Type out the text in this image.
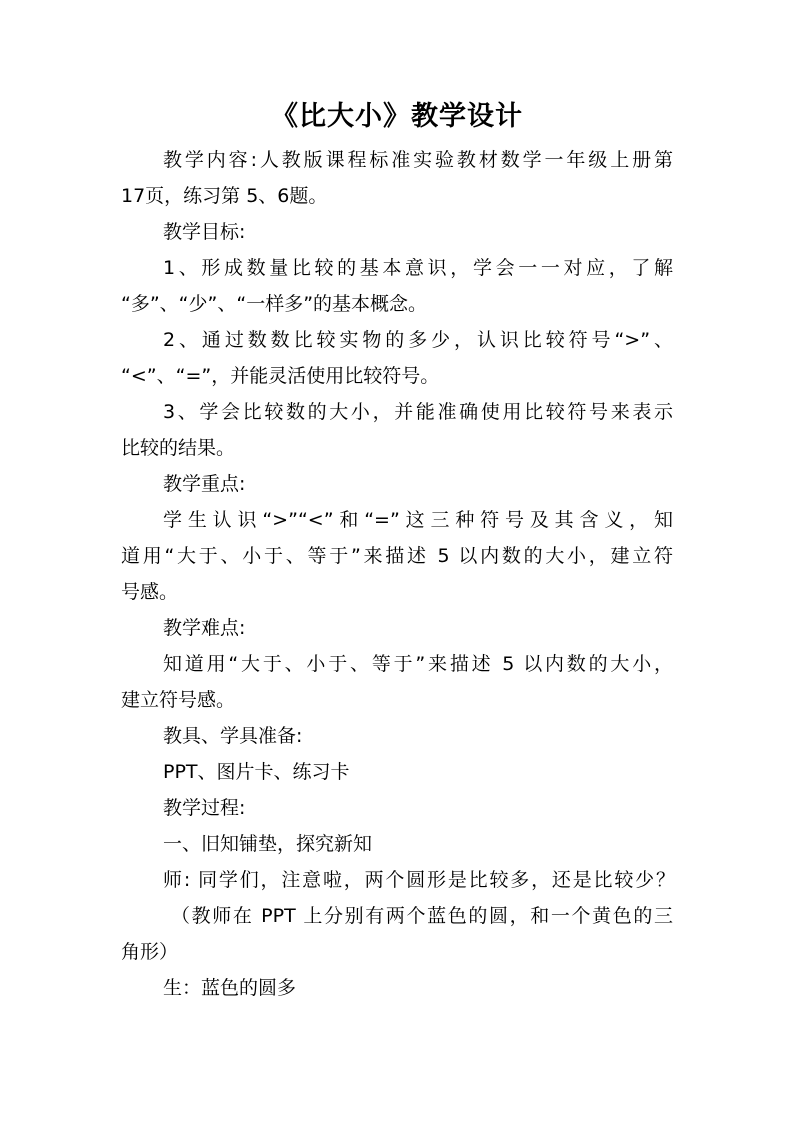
《比大小》教学设计
教学内容:人教版课程标准实验教材数学一年级上册第
17页，练习第 5、6题。
教学目标:
1、形成数量比较的基本意识，学会一一对应，了解
“多”、“少”、“一样多”的基本概念。
2、通过数数比较实物的多少，认识比较符号“>”、
“<”、“=”，并能灵活使用比较符号。
3、学会比较数的大小，并能准确使用比较符号来表示
比较的结果。
教学重点:
学生认识“>”“<”和“=”这三种符号及其含义，知
道用“大于、小于、等于”来描述 5 以内数的大小，建立符
号感。
教学难点:
知道用“大于、小于、等于”来描述 5 以内数的大小，
建立符号感。
教具、学具准备:
PPT、图片卡、练习卡
教学过程:
一、旧知铺垫，探究新知
师: 同学们，注意啦，两个圆形是比较多，还是比较少？
（教师在 PPT 上分别有两个蓝色的圆，和一个黄色的三
角形）
生：蓝色的圆多
